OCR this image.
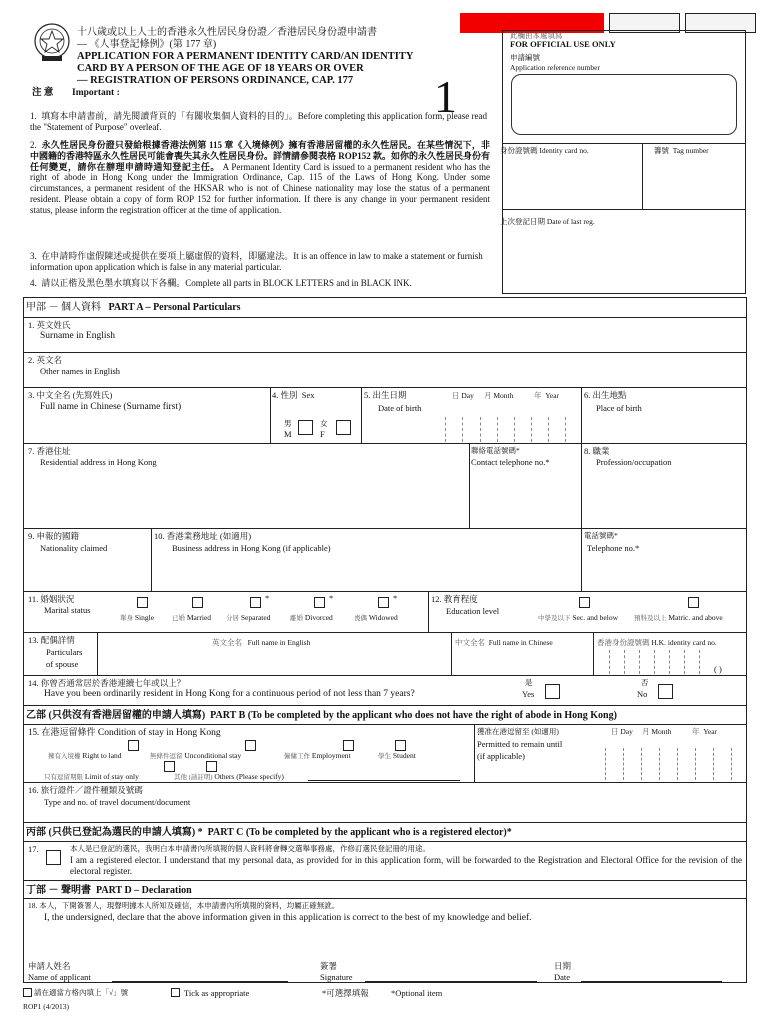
十八歲或以上人士的香港永久性居民身份證／香港居民身份證申請書
— 《人事登記條例》(第 177 章)
APPLICATION FOR A PERMANENT IDENTITY CARD/AN IDENTITY
CARD BY A PERSON OF THE AGE OF 18 YEARS OR OVER
— REGISTRATION OF PERSONS ORDINANCE, CAP. 177 1
注 意 Important :
1. 填寫本申請書前，請先閱讀背頁的「有關收集個人資料的目的」。Before completing this application form, please read the "Statement of Purpose" overleaf.
2. 永久性居民身份證只發給根據香港法例第 115 章《入境條例》擁有香港居留權的永久性居民。在某些情況下，非中國籍的香港特區永久性居民可能會喪失其永久性居民身份。詳情請參閱表格 ROP152 款。如你的永久性居民身份有任何變更，請你在辦理申請時通知登記主任。 A Permanent Identity Card is issued to a permanent resident who has the right of abode in Hong Kong under the Immigration Ordinance, Cap. 115 of the Laws of Hong Kong. Under some circumstances, a permanent resident of the HKSAR who is not of Chinese nationality may lose the status of a permanent resident. Please obtain a copy of form ROP 152 for further information. If there is any change in your permanent resident status, please inform the registration officer at the time of application.
3. 在申請時作虛假陳述或提供在要項上屬虛假的資料，即屬違法。It is an offence in law to make a statement or furnish information upon application which is false in any material particular.
4. 請以正楷及黑色墨水填寫以下各欄。Complete all parts in BLOCK LETTERS and in BLACK INK.
此欄由本處填寫
FOR OFFICIAL USE ONLY
申請編號
Application reference number
身份證號碼 Identity card no.	籌號 Tag number
上次登記日期 Date of last reg.
甲部 － 個人資料 PART A – Personal Particulars
1. 英文姓氏
Surname in English
2. 英文名
Other names in English
3. 中文全名 (先寫姓氏)
Full name in Chinese (Surname first)
4. 性別 Sex
男
M
女
F
5. 出生日期
Date of birth
日 Day 月 Month	年 Year	6. 出生地點
Place of birth
7. 香港住址
Residential address in Hong Kong
聯絡電話號碼*
Contact telephone no.*
8. 職業
Profession/occupation
9. 申報的國籍
Nationality claimed
10. 香港業務地址 (如適用)
Business address in Hong Kong (if applicable)
電話號碼*
Telephone no.*
11. 婚姻狀況
Marital status
單身 Single	已婚 Married
*
分居 Separated
*
離婚 Divorced
*
喪偶 Widowed
12. 教育程度
Education level
中學及以下 Sec. and below 預科及以上 Matric. and above
13. 配偶詳情
Particulars
of spouse
英文全名 Full name in English	中文全名 Full name in Chinese	香港身份證號碼 H.K. identity card no.
( )
14. 你曾否通常居於香港連續七年或以上？
Have you been ordinarily resident in Hong Kong for a continuous period of not less than 7 years?
是
Yes
否
No
乙部 (只供沒有香港居留權的申請人填寫) PART B (To be completed by the applicant who does not have the right of abode in Hong Kong)
15. 在港逗留條件 Condition of stay in Hong Kong
擁有入境權 Right to land	無條件逗留 Unconditional stay	僱傭工作 Employment	學生 Student
只有逗留期限 Limit of stay only	其他 (請註明) Others (Please specify)
獲准在港逗留至 (如適用)
Permitted to remain until
(if applicable)
日 Day 月 Month	年 Year
16. 旅行證件／證件種類及號碼
Type and no. of travel document/document
丙部 (只供已登記為選民的申請人填寫) * PART C (To be completed by the applicant who is a registered elector)*
17.	本人是已登記的選民，我明白本申請書內所填報的個人資料將會轉交選舉事務處，作修訂選民登記冊的用途。
I am a registered elector. I understand that my personal data, as provided for in this application form, will be forwarded to the Registration and Electoral Office for the revision of the electoral register.
丁部 － 聲明書 PART D – Declaration
18. 本人，下開簽署人，現聲明據本人所知及確信，本申請書內所填報的資料，均屬正確無訛。
I, the undersigned, declare that the above information given in this application is correct to the best of my knowledge and belief.
申請人姓名
Name of applicant
簽署
Signature
日期
Date
請在適當方格內填上「√」號	Tick as appropriate	*可選擇填報	*Optional item
ROP1 (4/2013)
